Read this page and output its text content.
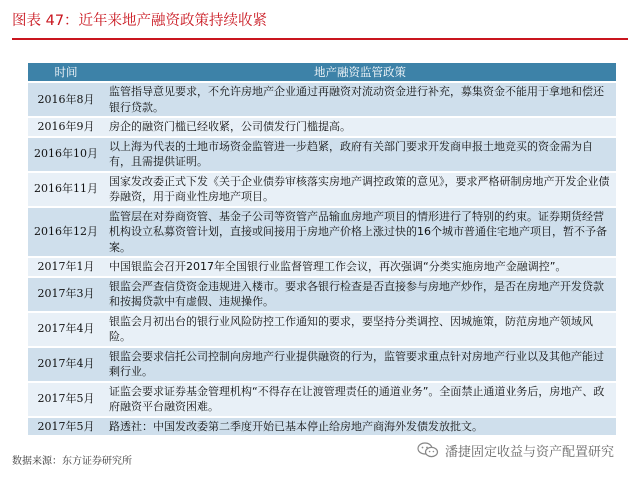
图表 47：近年来地产融资政策持续收紧
时间	地产融资监管政策
2016年8月	监管指导意见要求，不允许房地产企业通过再融资对流动资金进行补充，募集资金不能用于拿地和偿还银行贷款。
2016年9月	房企的融资门槛已经收紧，公司债发行门槛提高。
2016年10月	以上海为代表的土地市场资金监管进一步趋紧，政府有关部门要求开发商申报土地竞买的资金需为自有，且需提供证明。
2016年11月	国家发改委正式下发《关于企业债券审核落实房地产调控政策的意见》，要求严格研制房地产开发企业债券融资，用于商业性房地产项目。
2016年12月	监管层在对券商资管、基金子公司等资管产品输血房地产项目的情形进行了特别的约束。证券期货经营机构设立私募资管计划，直接或间接用于房地产价格上涨过快的16个城市普通住宅地产项目，暂不予备案。
2017年1月	中国银监会召开2017年全国银行业监督管理工作会议，再次强调“分类实施房地产金融调控”。
2017年3月	银监会严查信贷资金违规进入楼市。要求各银行检查是否直接参与房地产炒作，是否在房地产开发贷款和按揭贷款中有虚假、违规操作。
2017年4月	银监会月初出台的银行业风险防控工作通知的要求，要坚持分类调控、因城施策，防范房地产领域风险。
2017年4月	银监会要求信托公司控制向房地产行业提供融资的行为，监管要求重点针对房地产行业以及其他产能过剩行业。
2017年5月	证监会要求证券基金管理机构“不得存在让渡管理责任的通道业务”。全面禁止通道业务后，房地产、政府融资平台融资困难。
2017年5月	路透社：中国发改委第二季度开始已基本停止给房地产商海外发债发放批文。
数据来源：东方证券研究所
潘捷固定收益与资产配置研究
